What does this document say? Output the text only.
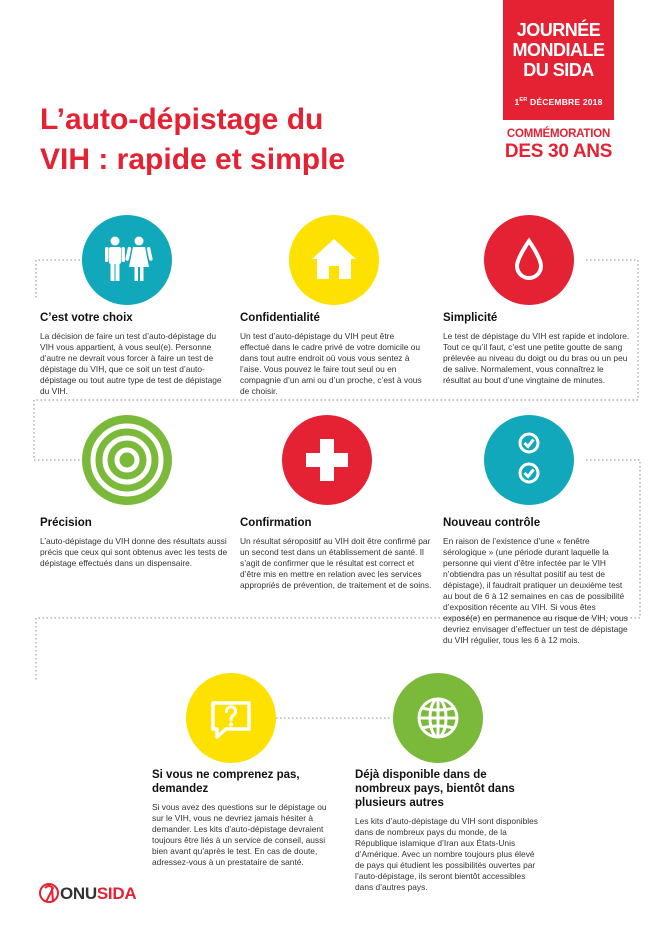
JOURNÉE
MONDIALE
DU SIDA
1ER DÉCEMBRE 2018
COMMÉMORATION
DES 30 ANS
L’auto-dépistage du
VIH : rapide et simple
C’est votre choix

La décision de faire un test d’auto-dépistage du VIH vous appartient, à vous seul(e). Personne d’autre ne devrait vous forcer à faire un test de dépistage du VIH, que ce soit un test d’auto-dépistage ou tout autre type de test de dépistage du VIH.

Confidentialité

Un test d’auto-dépistage du VIH peut être effectué dans le cadre privé de votre domicile ou dans tout autre endroit où vous vous sentez à l’aise. Vous pouvez le faire tout seul ou en compagnie d’un ami ou d’un proche, c’est à vous de choisir.

Simplicité

Le test de dépistage du VIH est rapide et indolore. Tout ce qu’il faut, c’est une petite goutte de sang prélevée au niveau du doigt ou du bras ou un peu de salive. Normalement, vous connaîtrez le résultat au bout d’une vingtaine de minutes.

Précision

L’auto-dépistage du VIH donne des résultats aussi précis que ceux qui sont obtenus avec les tests de dépistage effectués dans un dispensaire.

Confirmation

Un résultat séropositif au VIH doit être confirmé par un second test dans un établissement de santé. Il s’agit de confirmer que le résultat est correct et d’être mis en mettre en relation avec les services appropriés de prévention, de traitement et de soins.

Nouveau contrôle

En raison de l’existence d’une « fenêtre sérologique » (une période durant laquelle la personne qui vient d’être infectée par le VIH n’obtiendra pas un résultat positif au test de dépistage), il faudrait pratiquer un deuxième test au bout de 6 à 12 semaines en cas de possibilité d’exposition récente au VIH. Si vous êtes exposé(e) en permanence au risque de VIH, vous devriez envisager d’effectuer un test de dépistage du VIH régulier, tous les 6 à 12 mois.

Si vous ne comprenez pas, demandez

Si vous avez des questions sur le dépistage ou sur le VIH, vous ne devriez jamais hésiter à demander. Les kits d’auto-dépistage devraient toujours être liés à un service de conseil, aussi bien avant qu’après le test. En cas de doute, adressez-vous à un prestataire de santé.

Déjà disponible dans de nombreux pays, bientôt dans plusieurs autres

Les kits d’auto-dépistage du VIH sont disponibles dans de nombreux pays du monde, de la République islamique d’Iran aux États-Unis d’Amérique. Avec un nombre toujours plus élevé de pays qui étudient les possibilités ouvertes par l’auto-dépistage, ils seront bientôt accessibles dans d’autres pays.

ONUSIDA
